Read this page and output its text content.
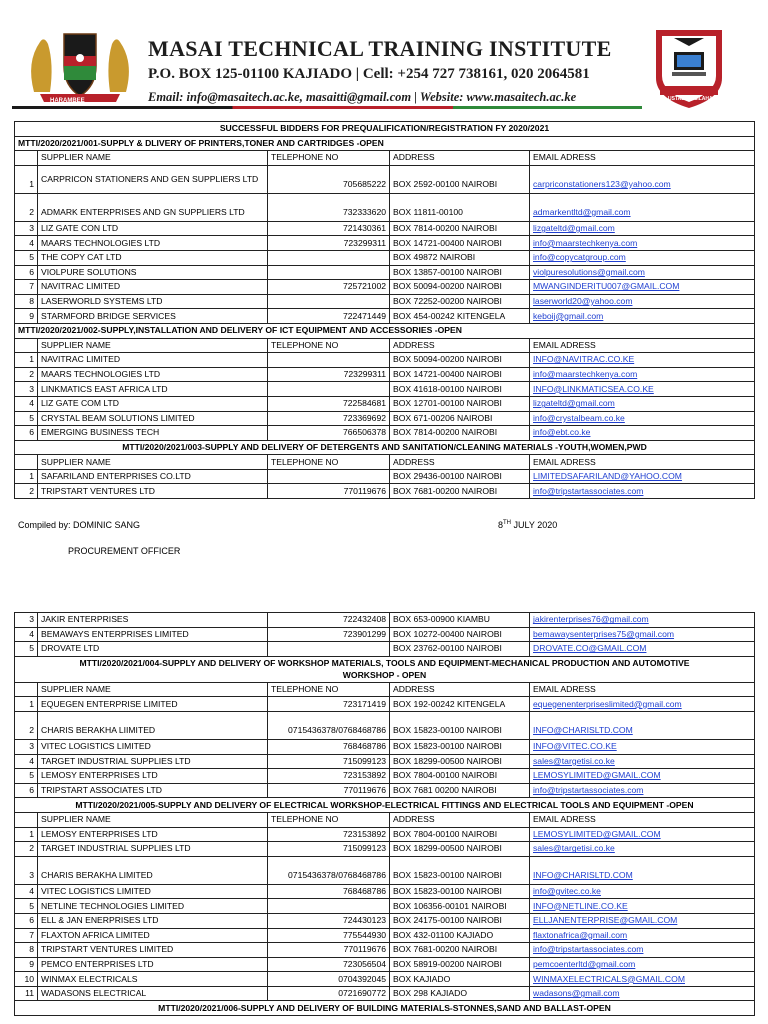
HARAMBEE
MASAI TECHNICAL TRAINING INSTITUTE
P.O. BOX 125-01100 KAJIADO | Cell: +254 727 738161, 020 2064581
Email: info@masaitech.ac.ke, masaitti@gmail.com | Website: www.masaitech.ac.ke	USTADI NI SILAHA
SUCCESSFUL BIDDERS FOR PREQUALIFICATION/REGISTRATION FY 2020/2021				
MTTI/2020/2021/001-SUPPLY & DLIVERY OF PRINTERS,TONER AND CARTRIDGES -OPEN				
	SUPPLIER NAME	TELEPHONE NO	ADDRESS	EMAIL ADRESS
1	CARPRICON STATIONERS AND GEN SUPPLIERS LTD	705685222	BOX 2592-00100 NAIROBI	carpriconstationers123@yahoo.com
2	ADMARK ENTERPRISES AND GN SUPPLIERS LTD	732333620	BOX 11811-00100	admarkentltd@gmail.com
3	LIZ GATE CON LTD	721430361	BOX 7814-00200 NAIROBI	lizgateltd@gmail.com
4	MAARS TECHNOLOGIES LTD	723299311	BOX 14721-00400 NAIROBI	info@maarstechkenya.com
5	THE COPY CAT LTD		BOX 49872 NAIROBI	info@copycatgroup.com
6	VIOLPURE SOLUTIONS		BOX 13857-00100 NAIROBI	violpuresolutions@gmail.com
7	NAVITRAC LIMITED	725721002	BOX 50094-00200 NAIROBI	MWANGINDERITU007@GMAIL.COM
8	LASERWORLD SYSTEMS LTD		BOX 72252-00200 NAIROBI	laserworld20@yahoo.com
9	STARMFORD BRIDGE SERVICES	722471449	BOX 454-00242 KITENGELA	keboij@gmail.com
MTTI/2020/2021/002-SUPPLY,INSTALLATION AND DELIVERY OF ICT EQUIPMENT AND ACCESSORIES -OPEN				
	SUPPLIER NAME	TELEPHONE NO	ADDRESS	EMAIL ADRESS
1	NAVITRAC LIMITED		BOX 50094-00200 NAIROBI	INFO@NAVITRAC.CO.KE
2	MAARS TECHNOLOGIES LTD	723299311	BOX 14721-00400 NAIROBI	info@maarstechkenya.com
3	LINKMATICS EAST AFRICA LTD		BOX 41618-00100 NAIROBI	INFO@LINKMATICSEA.CO.KE
4	LIZ GATE COM LTD	722584681	BOX 12701-00100 NAIROBI	lizgateltd@gmail.com
5	CRYSTAL BEAM SOLUTIONS LIMITED	723369692	BOX 671-00206 NAIROBI	info@crystalbeam.co.ke
6	EMERGING BUSINESS TECH	766506378	BOX 7814-00200 NAIROBI	info@ebt.co.ke
MTTI/2020/2021/003-SUPPLY AND DELIVERY OF DETERGENTS AND SANITATION/CLEANING MATERIALS -YOUTH,WOMEN,PWD				
	SUPPLIER NAME	TELEPHONE NO	ADDRESS	EMAIL ADRESS
1	SAFARILAND ENTERPRISES CO.LTD		BOX 29436-00100 NAIROBI	LIMITEDSAFARILAND@YAHOO.COM
2	TRIPSTART VENTURES LTD	770119676	BOX 7681-00200 NAIROBI	info@tripstartassociates.com
Compiled by: DOMINIC SANG	8TH JULY 2020
PROCUREMENT OFFICER
3	JAKIR ENTERPRISES	722432408	BOX 653-00900 KIAMBU	jakirenterprises76@gmail.com
4	BEMAWAYS ENTERPRISES LIMITED	723901299	BOX 10272-00400 NAIROBI	bemawaysenterprises75@gmail.com
5	DROVATE LTD		BOX 23762-00100 NAIROBI	DROVATE.CO@GMAIL.COM
MTTI/2020/2021/004-SUPPLY AND DELIVERY OF WORKSHOP MATERIALS, TOOLS AND EQUIPMENT-MECHANICAL PRODUCTION AND AUTOMOTIVE WORKSHOP - OPEN				
	SUPPLIER NAME	TELEPHONE NO	ADDRESS	EMAIL ADRESS
1	EQUEGEN ENTERPRISE LIMITED	723171419	BOX 192-00242 KITENGELA	equegenenterpriseslimited@gmail.com
2	CHARIS BERAKHA LIIMITED	0715436378/0768468786	BOX 15823-00100 NAIROBI	INFO@CHARISLTD.COM
3	VITEC LOGISTICS LIMITED	768468786	BOX 15823-00100 NAIROBI	INFO@VITEC.CO.KE
4	TARGET INDUSTRIAL SUPPLIES LTD	715099123	BOX 18299-00500 NAIROBI	sales@targetisi.co.ke
5	LEMOSY ENTERPRISES LTD	723153892	BOX 7804-00100 NAIROBI	LEMOSYLIMITED@GMAIL.COM
6	TRIPSTART ASSOCIATES LTD	770119676	BOX 7681 00200 NAIROBI	info@tripstartassociates.com
MTTI/2020/2021/005-SUPPLY AND DELIVERY OF ELECTRICAL WORKSHOP-ELECTRICAL FITTINGS AND ELECTRICAL TOOLS AND EQUIPMENT -OPEN				
	SUPPLIER NAME	TELEPHONE NO	ADDRESS	EMAIL ADRESS
1	LEMOSY ENTERPRISES LTD	723153892	BOX 7804-00100 NAIROBI	LEMOSYLIMITED@GMAIL.COM
2	TARGET INDUSTRIAL SUPPLIES LTD	715099123	BOX 18299-00500 NAIROBI	sales@targetisi.co.ke
3	CHARIS BERAKHA LIMITED	0715436378/0768468786	BOX 15823-00100 NAIROBI	INFO@CHARISLTD.COM
4	VITEC LOGISTICS LIMITED	768468786	BOX 15823-00100 NAIROBI	info@gvitec.co.ke
5	NETLINE TECHNOLOGIES LIMITED		BOX 106356-00101 NAIROBI	INFO@NETLINE.CO.KE
6	ELL & JAN ENERPRISES LTD	724430123	BOX 24175-00100 NAIROBI	ELLJANENTERPRISE@GMAIL.COM
7	FLAXTON AFRICA LIMITED	775544930	BOX 432-01100 KAJIADO	flaxtonafrica@gmail.com
8	TRIPSTART VENTURES LIMITED	770119676	BOX 7681-00200 NAIROBI	info@tripstartassociates.com
9	PEMCO ENTERPRISES LTD	723056504	BOX 58919-00200 NAIROBI	pemcoenterltd@gmail.com
10	WINMAX ELECTRICALS	0704392045	BOX KAJIADO	WINMAXELECTRICALS@GMAIL.COM
11	WADASONS ELECTRICAL	0721690772	BOX 298 KAJIADO	wadasons@gmail.com
MTTI/2020/2021/006-SUPPLY AND DELIVERY OF BUILDING MATERIALS-STONNES,SAND AND BALLAST-OPEN				
